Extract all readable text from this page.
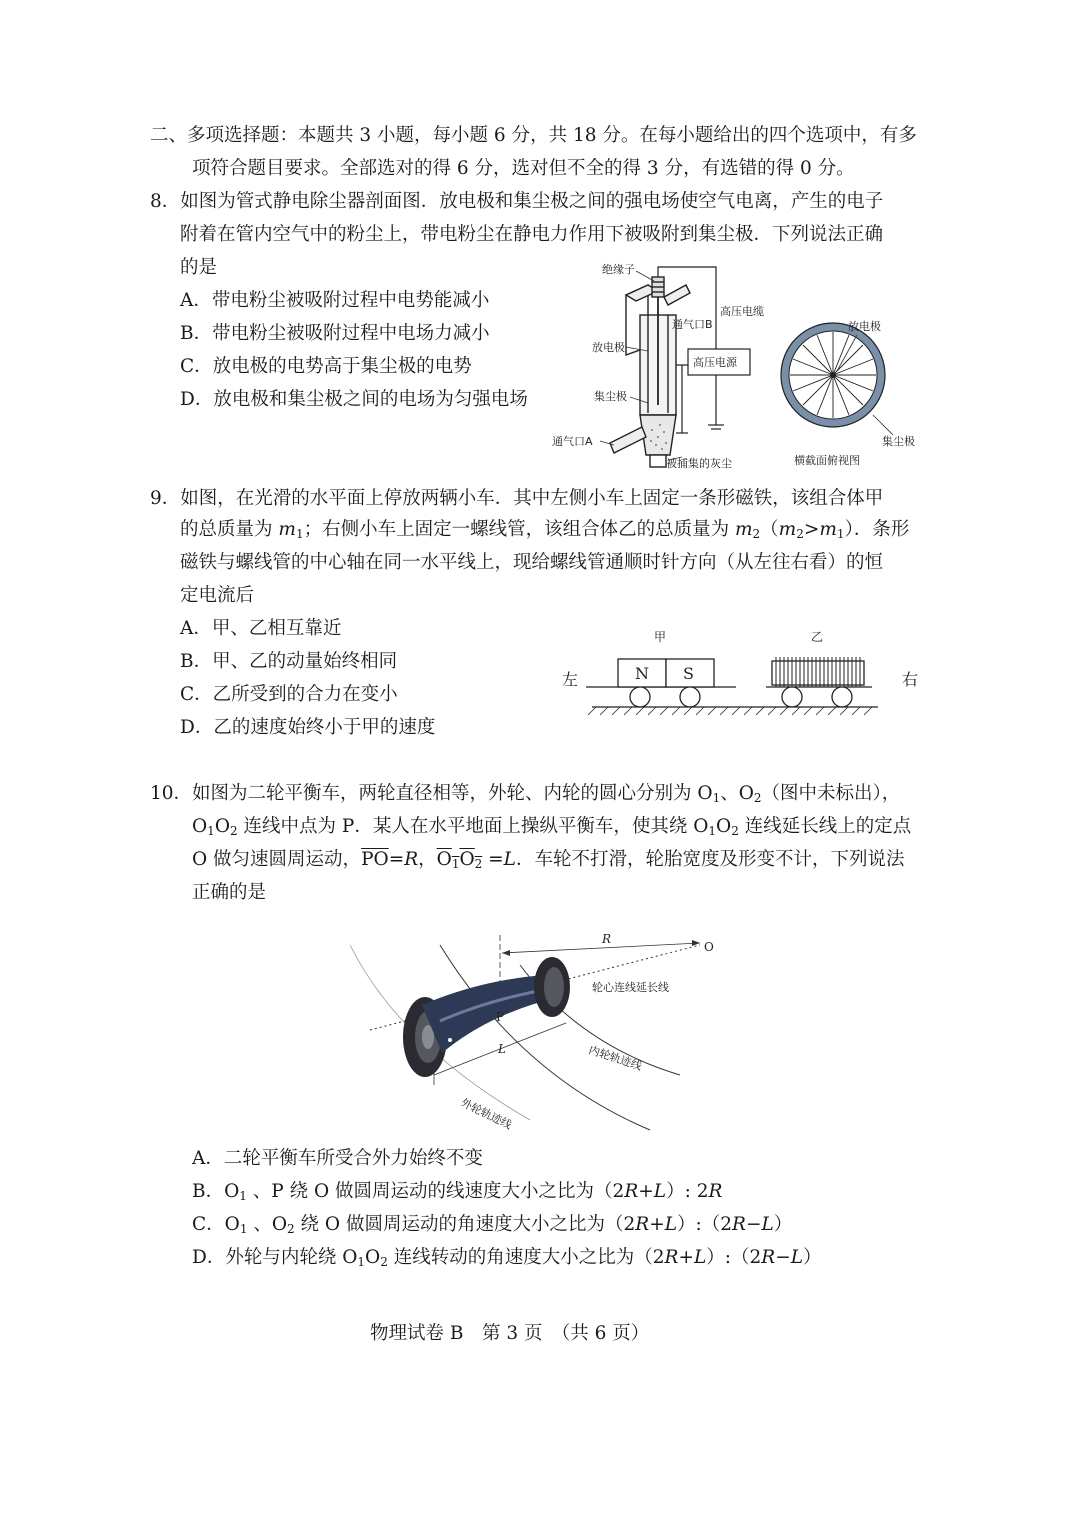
二、多项选择题：本题共 3 小题，每小题 6 分，共 18 分。在每小题给出的四个选项中，有多
项符合题目要求。全部选对的得 6 分，选对但不全的得 3 分，有选错的得 0 分。
8．如图为管式静电除尘器剖面图．放电极和集尘极之间的强电场使空气电离，产生的电子
附着在管内空气中的粉尘上，带电粉尘在静电力作用下被吸附到集尘极．下列说法正确
的是
A．带电粉尘被吸附过程中电势能减小
B．带电粉尘被吸附过程中电场力减小
C．放电极的电势高于集尘极的电势
D．放电极和集尘极之间的电场为匀强电场
绝缘子
高压电缆
通气口B
放电极
高压电源
集尘极
通气口A
被捕集的灰尘
放电极
集尘极
横截面俯视图
9．如图，在光滑的水平面上停放两辆小车．其中左侧小车上固定一条形磁铁，该组合体甲
的总质量为 $m_1$；右侧小车上固定一螺线管，该组合体乙的总质量为 $m_2(m_2>m_1)$．条形
磁铁与螺线管的中心轴在同一水平线上，现给螺线管通顺时针方向（从左往右看）的恒
定电流后
A．甲、乙相互靠近
B．甲、乙的动量始终相同
C．乙所受到的合力在变小
D．乙的速度始终小于甲的速度
甲	乙
左	右
N S
10．如图为二轮平衡车，两轮直径相等，外轮、内轮的圆心分别为 $O_1$、$O_2$（图中未标出），
$O_1O_2$ 连线中点为 P．某人在水平地面上操纵平衡车，使其绕 $O_1O_2$ 连线延长线上的定点
O 做匀速圆周运动，$\overline{PO}=R$，$O_1O_2 =L$．车轮不打滑，轮胎宽度及形变不计，下列说法
正确的是
R
O
P
L
轮心连线延长线
内轮轨迹线
外轮轨迹线
A．二轮平衡车所受合外力始终不变
B．$O_1$ 、P 绕 O 做圆周运动的线速度大小之比为（2R+L）: 2R
C．$O_1$ 、$O_2$ 绕 O 做圆周运动的角速度大小之比为（2R+L）:（2R−L）
D．外轮与内轮绕 $O_1O_2$ 连线转动的角速度大小之比为（2R+L）:（2R−L）
物理试卷 B　第 3 页　（共 6 页）
